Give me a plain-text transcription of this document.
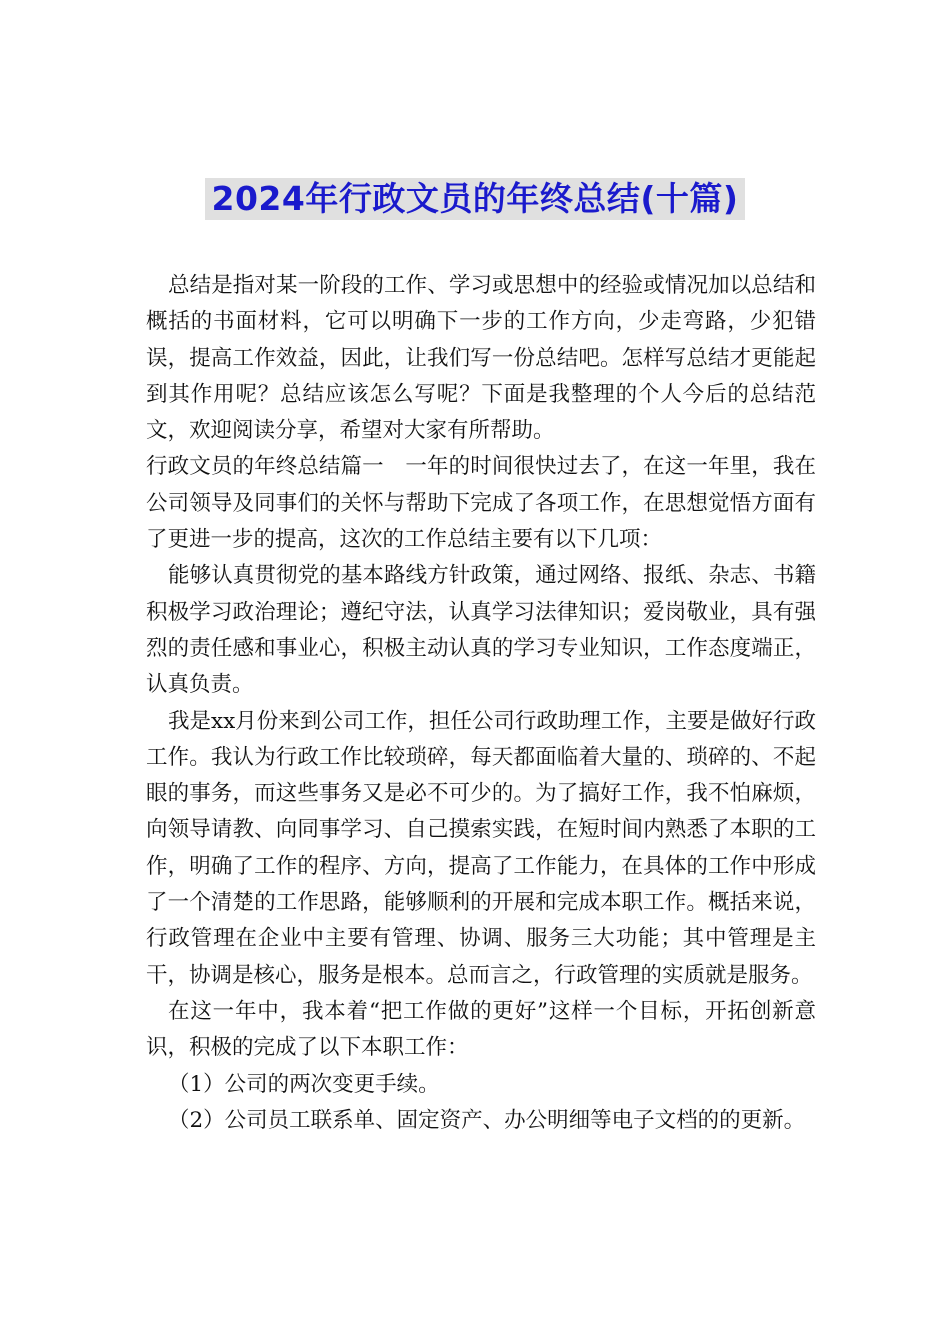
2024年行政文员的年终总结(十篇)

总结是指对某一阶段的工作、学习或思想中的经验或情况加以总结和概括的书面材料，它可以明确下一步的工作方向，少走弯路，少犯错误，提高工作效益，因此，让我们写一份总结吧。怎样写总结才更能起到其作用呢？总结应该怎么写呢？下面是我整理的个人今后的总结范文，欢迎阅读分享，希望对大家有所帮助。

行政文员的年终总结篇一　一年的时间很快过去了，在这一年里，我在公司领导及同事们的关怀与帮助下完成了各项工作，在思想觉悟方面有了更进一步的提高，这次的工作总结主要有以下几项：

能够认真贯彻党的基本路线方针政策，通过网络、报纸、杂志、书籍积极学习政治理论；遵纪守法，认真学习法律知识；爱岗敬业，具有强烈的责任感和事业心，积极主动认真的学习专业知识，工作态度端正，认真负责。

我是xx月份来到公司工作，担任公司行政助理工作，主要是做好行政工作。我认为行政工作比较琐碎，每天都面临着大量的、琐碎的、不起眼的事务，而这些事务又是必不可少的。为了搞好工作，我不怕麻烦，向领导请教、向同事学习、自己摸索实践，在短时间内熟悉了本职的工作，明确了工作的程序、方向，提高了工作能力，在具体的工作中形成了一个清楚的工作思路，能够顺利的开展和完成本职工作。概括来说，行政管理在企业中主要有管理、协调、服务三大功能；其中管理是主干，协调是核心，服务是根本。总而言之，行政管理的实质就是服务。

在这一年中，我本着“把工作做的更好”这样一个目标，开拓创新意识，积极的完成了以下本职工作：

（1）公司的两次变更手续。

（2）公司员工联系单、固定资产、办公明细等电子文档的的更新。
